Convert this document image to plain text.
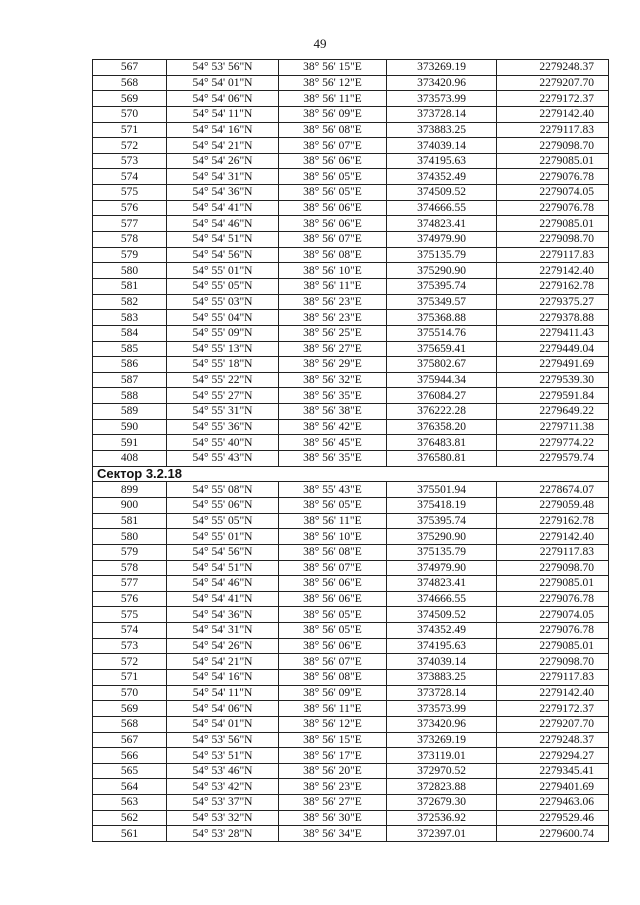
49
567	54° 53' 56"N	38° 56' 15"E	373269.19	2279248.37
568	54° 54' 01"N	38° 56' 12"E	373420.96	2279207.70
569	54° 54' 06"N	38° 56' 11"E	373573.99	2279172.37
570	54° 54' 11"N	38° 56' 09"E	373728.14	2279142.40
571	54° 54' 16"N	38° 56' 08"E	373883.25	2279117.83
572	54° 54' 21"N	38° 56' 07"E	374039.14	2279098.70
573	54° 54' 26"N	38° 56' 06"E	374195.63	2279085.01
574	54° 54' 31"N	38° 56' 05"E	374352.49	2279076.78
575	54° 54' 36"N	38° 56' 05"E	374509.52	2279074.05
576	54° 54' 41"N	38° 56' 06"E	374666.55	2279076.78
577	54° 54' 46"N	38° 56' 06"E	374823.41	2279085.01
578	54° 54' 51"N	38° 56' 07"E	374979.90	2279098.70
579	54° 54' 56"N	38° 56' 08"E	375135.79	2279117.83
580	54° 55' 01"N	38° 56' 10"E	375290.90	2279142.40
581	54° 55' 05"N	38° 56' 11"E	375395.74	2279162.78
582	54° 55' 03"N	38° 56' 23"E	375349.57	2279375.27
583	54° 55' 04"N	38° 56' 23"E	375368.88	2279378.88
584	54° 55' 09"N	38° 56' 25"E	375514.76	2279411.43
585	54° 55' 13"N	38° 56' 27"E	375659.41	2279449.04
586	54° 55' 18"N	38° 56' 29"E	375802.67	2279491.69
587	54° 55' 22"N	38° 56' 32"E	375944.34	2279539.30
588	54° 55' 27"N	38° 56' 35"E	376084.27	2279591.84
589	54° 55' 31"N	38° 56' 38"E	376222.28	2279649.22
590	54° 55' 36"N	38° 56' 42"E	376358.20	2279711.38
591	54° 55' 40"N	38° 56' 45"E	376483.81	2279774.22
408	54° 55' 43"N	38° 56' 35"E	376580.81	2279579.74
Сектор 3.2.18				
899	54° 55' 08"N	38° 55' 43"E	375501.94	2278674.07
900	54° 55' 06"N	38° 56' 05"E	375418.19	2279059.48
581	54° 55' 05"N	38° 56' 11"E	375395.74	2279162.78
580	54° 55' 01"N	38° 56' 10"E	375290.90	2279142.40
579	54° 54' 56"N	38° 56' 08"E	375135.79	2279117.83
578	54° 54' 51"N	38° 56' 07"E	374979.90	2279098.70
577	54° 54' 46"N	38° 56' 06"E	374823.41	2279085.01
576	54° 54' 41"N	38° 56' 06"E	374666.55	2279076.78
575	54° 54' 36"N	38° 56' 05"E	374509.52	2279074.05
574	54° 54' 31"N	38° 56' 05"E	374352.49	2279076.78
573	54° 54' 26"N	38° 56' 06"E	374195.63	2279085.01
572	54° 54' 21"N	38° 56' 07"E	374039.14	2279098.70
571	54° 54' 16"N	38° 56' 08"E	373883.25	2279117.83
570	54° 54' 11"N	38° 56' 09"E	373728.14	2279142.40
569	54° 54' 06"N	38° 56' 11"E	373573.99	2279172.37
568	54° 54' 01"N	38° 56' 12"E	373420.96	2279207.70
567	54° 53' 56"N	38° 56' 15"E	373269.19	2279248.37
566	54° 53' 51"N	38° 56' 17"E	373119.01	2279294.27
565	54° 53' 46"N	38° 56' 20"E	372970.52	2279345.41
564	54° 53' 42"N	38° 56' 23"E	372823.88	2279401.69
563	54° 53' 37"N	38° 56' 27"E	372679.30	2279463.06
562	54° 53' 32"N	38° 56' 30"E	372536.92	2279529.46
561	54° 53' 28"N	38° 56' 34"E	372397.01	2279600.74
